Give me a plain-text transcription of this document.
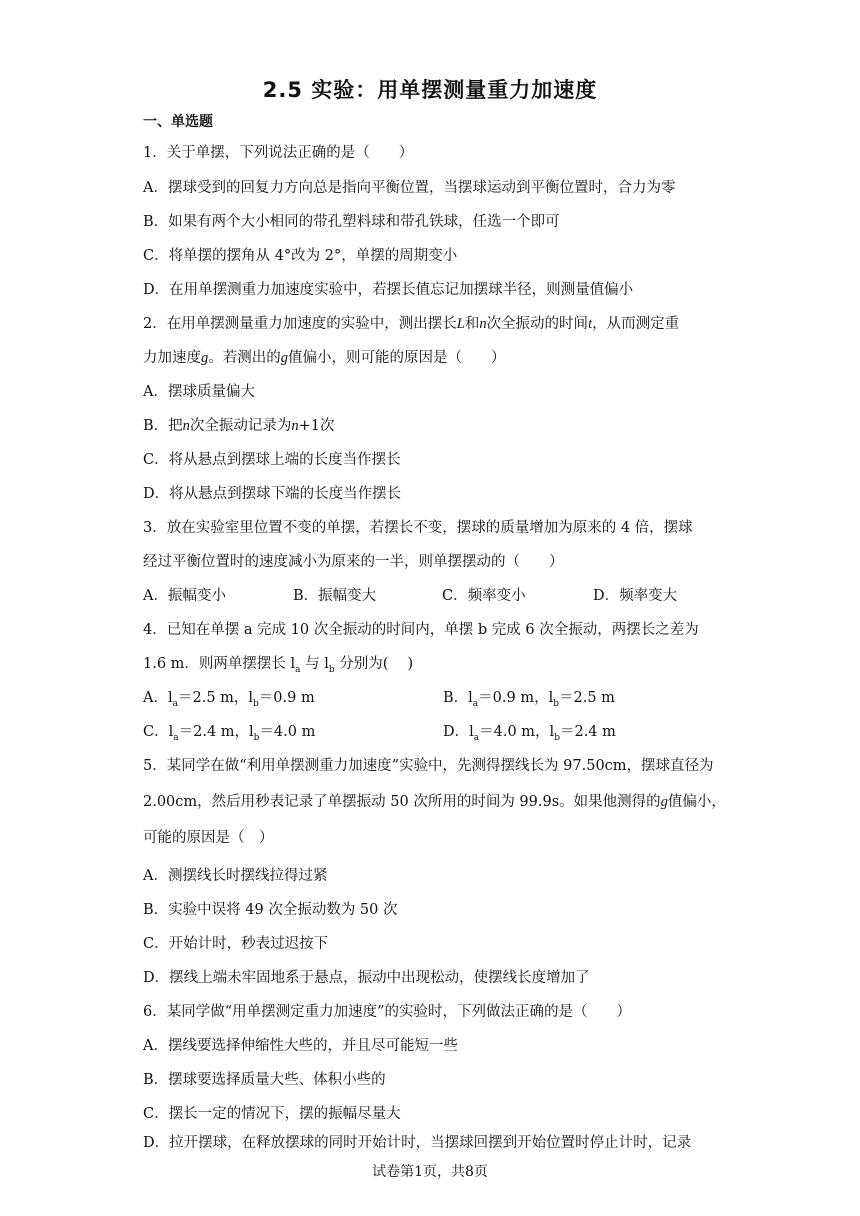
2.5 实验：用单摆测量重力加速度
一、单选题
1．关于单摆，下列说法正确的是（　　）
A．摆球受到的回复力方向总是指向平衡位置，当摆球运动到平衡位置时，合力为零
B．如果有两个大小相同的带孔塑料球和带孔铁球，任选一个即可
C．将单摆的摆角从 4°改为 2°，单摆的周期变小
D．在用单摆测重力加速度实验中，若摆长值忘记加摆球半径，则测量值偏小
2．在用单摆测量重力加速度的实验中，测出摆长L和n次全振动的时间t，从而测定重
力加速度g。若测出的g值偏小，则可能的原因是（　　）
A．摆球质量偏大
B．把n次全振动记录为n+1次
C．将从悬点到摆球上端的长度当作摆长
D．将从悬点到摆球下端的长度当作摆长
3．放在实验室里位置不变的单摆，若摆长不变，摆球的质量增加为原来的 4 倍，摆球
经过平衡位置时的速度减小为原来的一半，则单摆摆动的（　　）
A．振幅变小	B．振幅变大	C．频率变小	D．频率变大
4．已知在单摆 a 完成 10 次全振动的时间内，单摆 b 完成 6 次全振动，两摆长之差为
1.6 m．则两单摆摆长 $l_a$ 与 $l_b$ 分别为(　 )
A．$l_a=2.5$ m，$l_b=0.9$ m	B．$l_a=0.9$ m，$l_b=2.5$ m
C．$l_a=2.4$ m，$l_b=4.0$ m	D．$l_a=4.0$ m，$l_b=2.4$ m
5．某同学在做“利用单摆测重力加速度”实验中，先测得摆线长为 97.50cm，摆球直径为
2.00cm，然后用秒表记录了单摆振动 50 次所用的时间为 99.9s。如果他测得的g值偏小，
可能的原因是（　）
A．测摆线长时摆线拉得过紧
B．实验中误将 49 次全振动数为 50 次
C．开始计时，秒表过迟按下
D．摆线上端未牢固地系于悬点，振动中出现松动，使摆线长度增加了
6．某同学做“用单摆测定重力加速度”的实验时，下列做法正确的是（　　）
A．摆线要选择伸缩性大些的，并且尽可能短一些
B．摆球要选择质量大些、体积小些的
C．摆长一定的情况下，摆的振幅尽量大
D．拉开摆球，在释放摆球的同时开始计时，当摆球回摆到开始位置时停止计时，记录
试卷第1页，共8页
